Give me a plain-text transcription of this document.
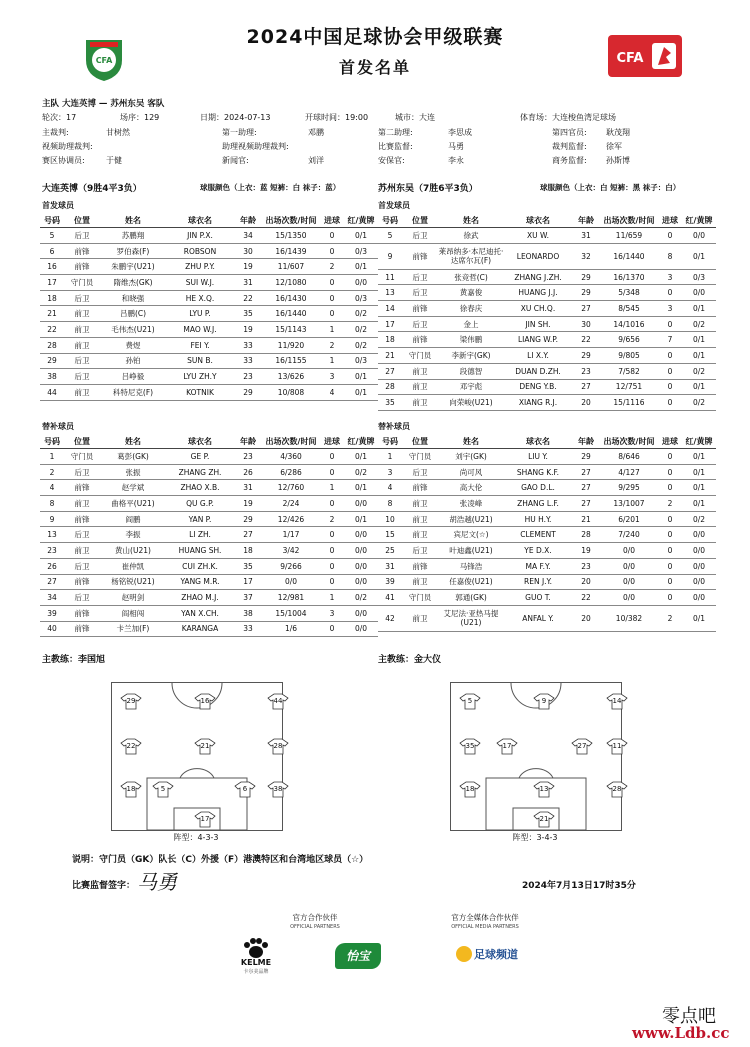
CFA
2024中国足球协会甲级联赛
首发名单	CFA
主队 大连英博 — 苏州东吴 客队
轮次：17	场序：129	日期：2024-07-13	开球时间：19:00	城市：大连	体育场：大连梭鱼湾足球场
主裁判:	甘树然	第一助理:	邓鹏	第二助理:	李思成	第四官员: 耿茂翔
视频助理裁判:	助理视频助理裁判:	比赛监督:	马勇	裁判监督: 徐军
赛区协调员:	于健	新闻官:	刘洋	安保官:	李永	商务监督: 孙斯博
大连英博（9胜4平3负）	球服颜色（上衣：蓝 短裤：白 袜子：蓝）	苏州东吴（7胜6平3负）	球服颜色（上衣：白 短裤：黑 袜子：白）
首发球员	首发球员
替补球员	替补球员
号码	位置	姓名	球衣名	年龄	出场次数/时间	进球	红/黄牌
5	后卫	苏鹏翔	JIN P.X.	34	15/1350	0	0/1
6	前锋	罗伯森(F)	ROBSON	30	16/1439	0	0/3
16	前锋	朱鹏宇(U21)	ZHU P.Y.	19	11/607	2	0/1
17	守门员	隋维杰(GK)	SUI W.J.	31	12/1080	0	0/0
18	后卫	和晓强	HE X.Q.	22	16/1430	0	0/3
21	前卫	吕鹏(C)	LYU P.	35	16/1440	0	0/2
22	前卫	毛伟杰(U21)	MAO W.J.	19	15/1143	1	0/2
28	前卫	费煜	FEI Y.	33	11/920	2	0/2
29	后卫	孙铂	SUN B.	33	16/1155	1	0/3
38	后卫	吕峥毅	LYU ZH.Y	23	13/626	3	0/1
44	前卫	科特尼克(F)	KOTNIK	29	10/808	4	0/1
号码	位置	姓名	球衣名	年龄	出场次数/时间	进球	红/黄牌
5	后卫	徐武	XU W.	31	11/659	0	0/0
9	前锋	莱昂纳多·本尼迪托·达席尔瓦(F)	LEONARDO	32	16/1440	8	0/1
11	后卫	张竞哲(C)	ZHANG J.ZH.	29	16/1370	3	0/3
13	后卫	黄嘉俊	HUANG J.J.	29	5/348	0	0/0
14	前锋	徐春庆	XU CH.Q.	27	8/545	3	0/1
17	后卫	金上	JIN SH.	30	14/1016	0	0/2
18	前锋	梁伟鹏	LIANG W.P.	22	9/656	7	0/1
21	守门员	李新宇(GK)	LI X.Y.	29	9/805	0	0/1
27	前卫	段德智	DUAN D.ZH.	23	7/582	0	0/2
28	前卫	邓宇彪	DENG Y.B.	27	12/751	0	0/1
35	前卫	向荣峻(U21)	XIANG R.J.	20	15/1116	0	0/2
号码	位置	姓名	球衣名	年龄	出场次数/时间	进球	红/黄牌
1	守门员	葛彭(GK)	GE P.	23	4/360	0	0/1
2	后卫	张振	ZHANG ZH.	26	6/286	0	0/2
4	前锋	赵学斌	ZHAO X.B.	31	12/760	1	0/1
8	前卫	曲格平(U21)	QU G.P.	19	2/24	0	0/0
9	前锋	阎鹏	YAN P.	29	12/426	2	0/1
13	后卫	李振	LI ZH.	27	1/17	0	0/0
23	前卫	黄山(U21)	HUANG SH.	18	3/42	0	0/0
26	后卫	崔仲凯	CUI ZH.K.	35	9/266	0	0/0
27	前锋	杨铭锐(U21)	YANG M.R.	17	0/0	0	0/0
34	后卫	赵明剑	ZHAO M.J.	37	12/981	1	0/2
39	前锋	阎相闯	YAN X.CH.	38	15/1004	3	0/0
40	前锋	卡兰加(F)	KARANGA	33	1/6	0	0/0
号码	位置	姓名	球衣名	年龄	出场次数/时间	进球	红/黄牌
1	守门员	刘宇(GK)	LIU Y.	29	8/646	0	0/1
3	后卫	尚可风	SHANG K.F.	27	4/127	0	0/1
4	前锋	高大伦	GAO D.L.	27	9/295	0	0/1
8	前卫	张凌峰	ZHANG L.F.	27	13/1007	2	0/1
10	前卫	胡浩越(U21)	HU H.Y.	21	6/201	0	0/2
15	前卫	宾尼文(☆)	CLEMENT	28	7/240	0	0/0
25	后卫	叶迪鑫(U21)	YE D.X.	19	0/0	0	0/0
31	前锋	马锋浩	MA F.Y.	23	0/0	0	0/0
39	前卫	任嘉俊(U21)	REN J.Y.	20	0/0	0	0/0
41	守门员	郭通(GK)	GUO T.	22	0/0	0	0/0
42	前卫	艾尼法·亚热马提(U21)	ANFAL Y.	20	10/382	2	0/1
主教练：李国旭	主教练：金大仪
29	16	44
22	21	28
18	5	6	38
17
5	9	14
35	17	27	11
18	13	28
21
阵型：4-3-3	阵型：3-4-3
说明：守门员（GK）队长（C）外援（F）港澳特区和台湾地区球员（☆）
比赛监督签字： 马勇	2024年7月13日17时35分
官方合作伙伴
OFFICIAL PARTNERS
官方全媒体合作伙伴
OFFICIAL MEDIA PARTNERS
KELME
卡尔美品牌
怡宝	足球频道
零点吧
www.Ldb.cc
